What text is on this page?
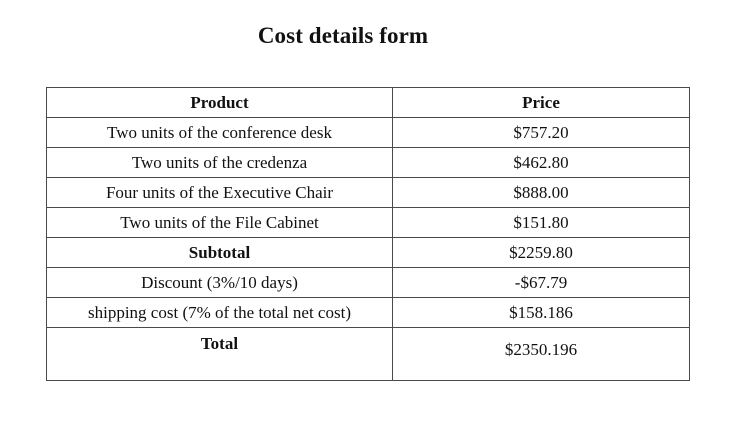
Cost details form
Product	Price
Two units of the conference desk	$757.20
Two units of the credenza	$462.80
Four units of the Executive Chair	$888.00
Two units of the File Cabinet	$151.80
Subtotal	$2259.80
Discount (3%/10 days)	-$67.79
shipping cost (7% of the total net cost)	$158.186
Total	$2350.196
